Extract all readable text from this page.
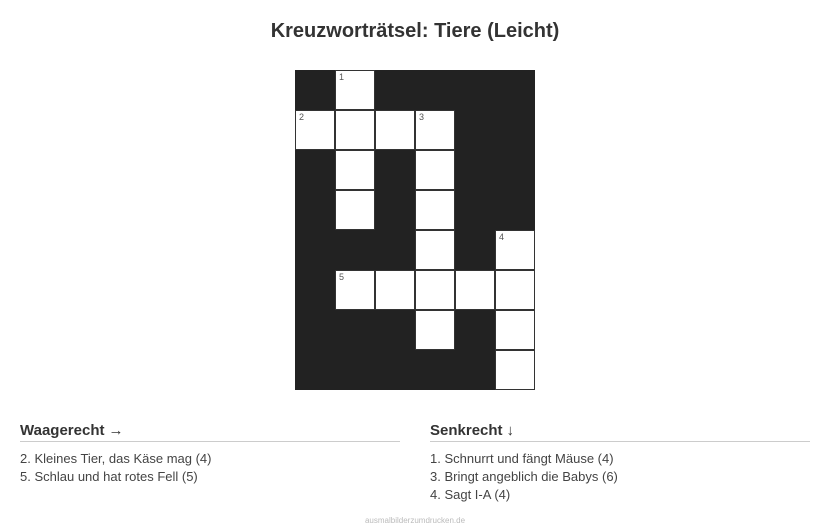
Kreuzworträtsel: Tiere (Leicht)
1
2	3
4
5
Waagerecht →
2. Kleines Tier, das Käse mag (4)
5. Schlau und hat rotes Fell (5)
Senkrecht ↓
1. Schnurrt und fängt Mäuse (4)
3. Bringt angeblich die Babys (6)
4. Sagt I-A (4)
ausmalbilderzumdrucken.de
